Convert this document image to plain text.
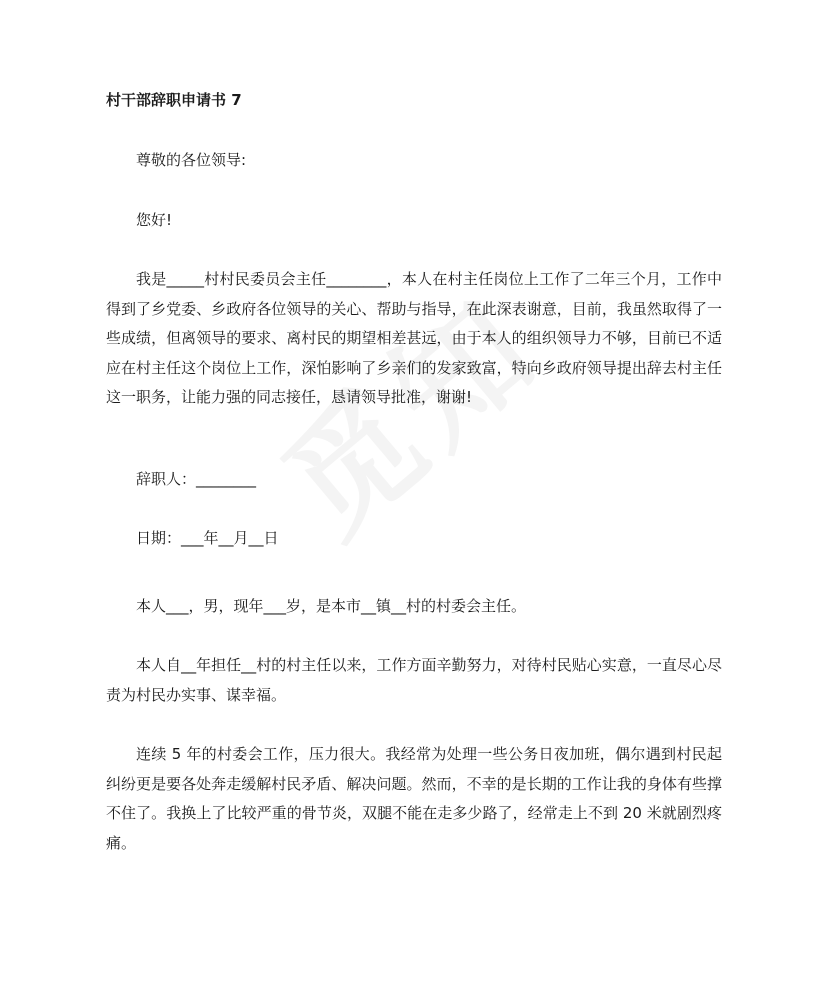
村干部辞职申请书 7

尊敬的各位领导:

您好!

我是_____村村民委员会主任________，本人在村主任岗位上工作了二年三个月，工作中得到了乡党委、乡政府各位领导的关心、帮助与指导，在此深表谢意，目前，我虽然取得了一些成绩，但离领导的要求、离村民的期望相差甚远，由于本人的组织领导力不够，目前已不适应在村主任这个岗位上工作，深怕影响了乡亲们的发家致富，特向乡政府领导提出辞去村主任这一职务，让能力强的同志接任，恳请领导批准，谢谢!

辞职人：________

日期：___年__月__日

本人___，男，现年___岁，是本市__镇__村的村委会主任。

本人自__年担任__村的村主任以来，工作方面辛勤努力，对待村民贴心实意，一直尽心尽责为村民办实事、谋幸福。

连续 5 年的村委会工作，压力很大。我经常为处理一些公务日夜加班，偶尔遇到村民起纠纷更是要各处奔走缓解村民矛盾、解决问题。然而，不幸的是长期的工作让我的身体有些撑不住了。我换上了比较严重的骨节炎，双腿不能在走多少路了，经常走上不到 20 米就剧烈疼痛。
